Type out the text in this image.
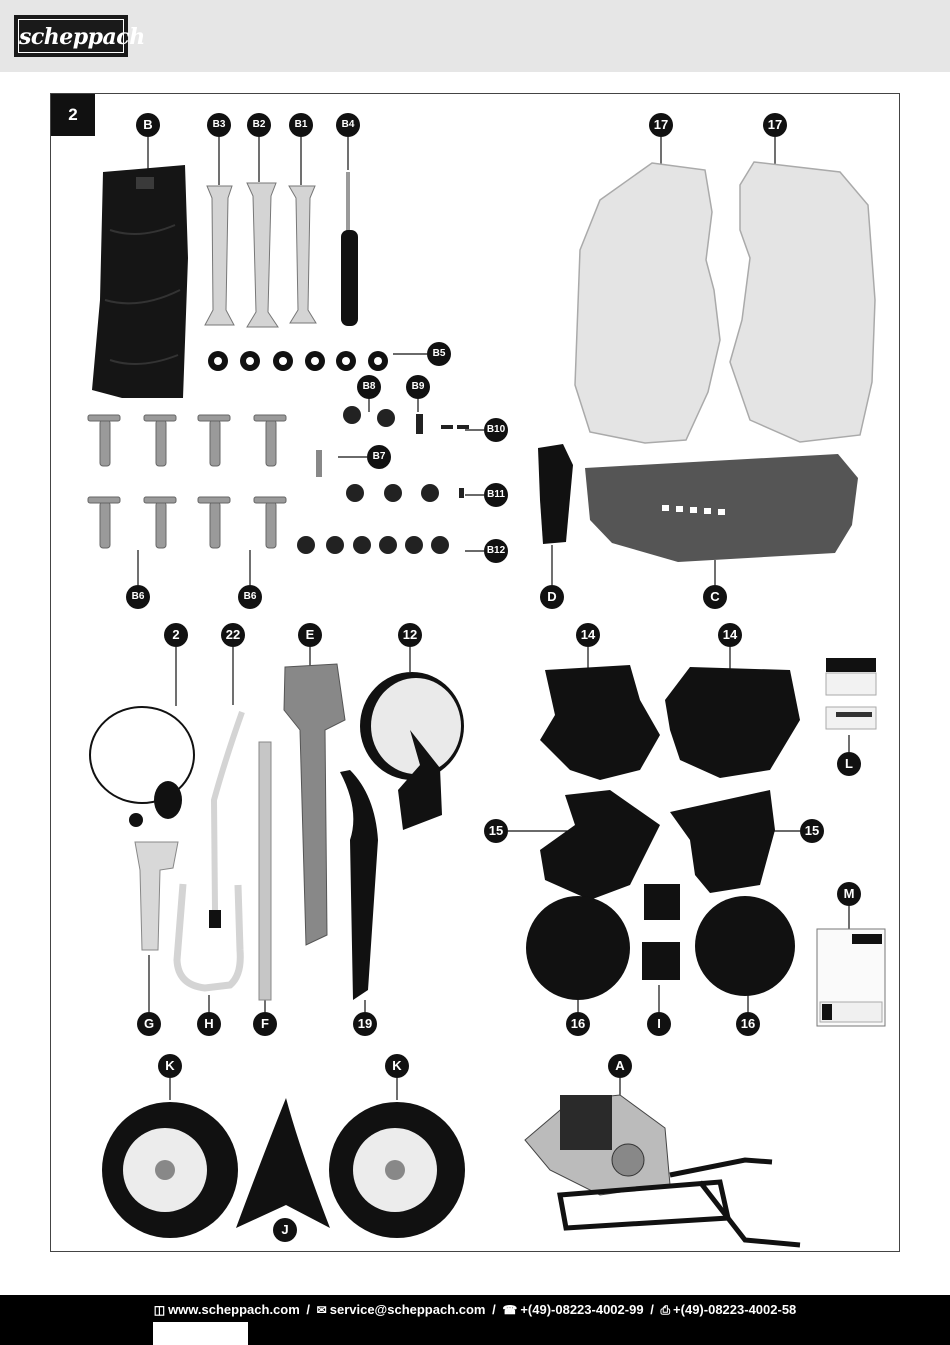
scheppach
2
B	B3	B2	B1	B4	17	17
B5
B8	B9
B10
B7
B11
B12
B6	B6	D	C
2	22	E	12	14	14
L
15	15
M
G	H	F	19	16	I	16
K	K	A
J
◫ www.scheppach.com / ✉ service@scheppach.com / ☎ +(49)-08223-4002-99 / ⎙ +(49)-08223-4002-58
